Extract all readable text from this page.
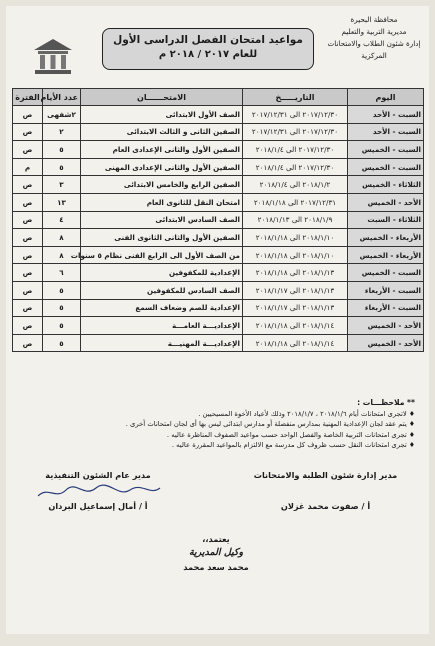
محافظة البحيرة
مديرية التربية والتعليم
إدارة شئون الطلاب والامتحانات
المركزية
مواعيد امتحان الفصل الدراسى الأول
للعام ٢٠١٧ / ٢٠١٨ م
اليوم	التاريـــــخ	الامتحــــــان	عدد الأيام	الفترة
السبت - الأحد	٢٠١٧/١٢/٣٠ الى ٢٠١٧/١٢/٣١	الصف الأول الابتدائى	٢شفهى	ص
السبت - الأحد	٢٠١٧/١٢/٣٠ الى ٢٠١٧/١٢/٣١	الصفين الثانى و الثالث الابتدائى	٢	ص
السبت - الخميس	٢٠١٧/١٢/٣٠ الى ٢٠١٨/١/٤	الصفين الأول والثانى الإعدادى العام	٥	ص
السبت - الخميس	٢٠١٧/١٢/٣٠ الى ٢٠١٨/١/٤	الصفين الأول والثانى الإعدادى المهنى	٥	م
الثلاثاء - الخميس	٢٠١٨/١/٢ الى ٢٠١٨/١/٤	الصفين الرابع والخامس الابتدائى	٣	ص
الأحد - الخميس	٢٠١٧/١٢/٣١ الى ٢٠١٨/١/١٨	امتحان النقل للثانوى العام	١٣	ص
الثلاثاء - السبت	٢٠١٨/١/٩ الى ٢٠١٨/١/١٣	الصف السادس الابتدائى	٤	ص
الأربعاء - الخميس	٢٠١٨/١/١٠ الى ٢٠١٨/١/١٨	الصفين الأول والثانى الثانوى الفنى	٨	ص
الأربعاء - الخميس	٢٠١٨/١/١٠ الى ٢٠١٨/١/١٨	من الصف الأول الى الرابع الفنى نظام ٥ سنوات	٨	ص
السبت - الخميس	٢٠١٨/١/١٣ الى ٢٠١٨/١/١٨	الإعدادية للمكفوفين	٦	ص
السبت - الأربعاء	٢٠١٨/١/١٣ الى ٢٠١٨/١/١٧	الصف السادس للمكفوفين	٥	ص
السبت - الأربعاء	٢٠١٨/١/١٣ الى ٢٠١٨/١/١٧	الإعدادية للصم وضعاف السمع	٥	ص
الأحد - الخميس	٢٠١٨/١/١٤ الى ٢٠١٨/١/١٨	الإعداديـــة العامـــة	٥	ص
الأحد - الخميس	٢٠١٨/١/١٤ الى ٢٠١٨/١/١٨	الإعداديـــة المهنيـــة	٥	ص
** ملاحظـــات :
♦ لاتجرى امتحانات أيام ٢٠١٨/١/٦ ، ٢٠١٨/١/٧ وذلك لأعياد الأخوة المسيحيين .
♦ يتم عقد لجان الإعدادية المهنية بمدارس منفصلة أو مدارس ابتدائى ليس بها أى لجان امتحانات أخرى .
♦ تجرى امتحانات التربية الخاصة والفصل الواحد حسب مواعيد الصفوف المناظرة عاليه .
♦ تجرى امتحانات النقل حسب ظروف كل مدرسة مع الالتزام بالمواعيد المقررة عاليه .
مدير إدارة شئون الطلبة والامتحانات
أ / صفوت محمد غزلان
مدير عام الشئون التنفيذية
أ / أمال إسماعيل البردان
يعتمد،،
وكيل المديرية
محمد سعد محمد
